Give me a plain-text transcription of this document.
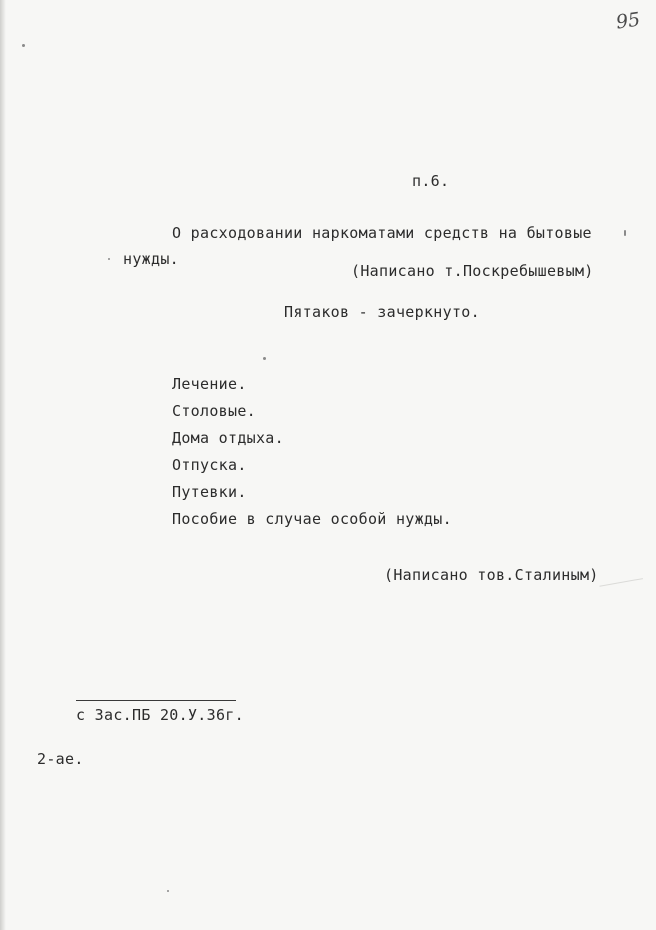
95
п.6.
О расходовании наркоматами средств на бытовые
нужды.
(Написано т.Поскребышевым)
Пятаков - зачеркнуто.
Лечение.
Столовые.
Дома отдыха.
Отпуска.
Путевки.
Пособие в случае особой нужды.
(Написано тов.Сталиным)
с Зас.ПБ 20.У.36г.
2-ае.
